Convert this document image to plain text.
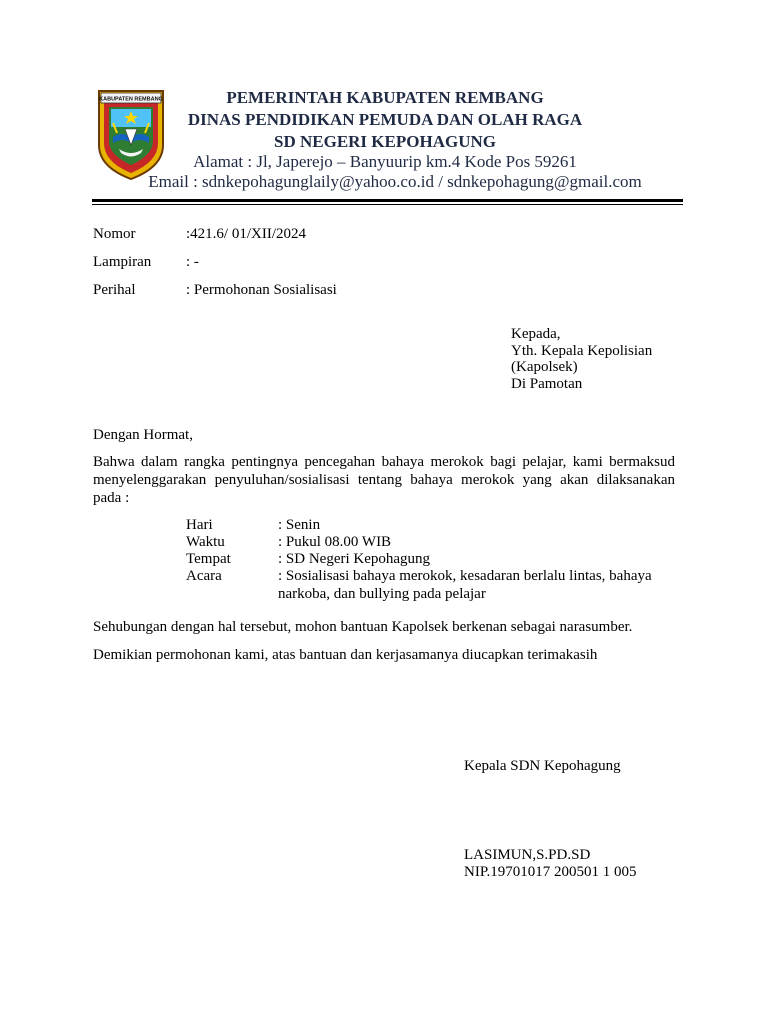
KABUPATEN REMBANG	PEMERINTAH KABUPATEN REMBANG
DINAS PENDIDIKAN PEMUDA DAN OLAH RAGA
SD NEGERI KEPOHAGUNG
Alamat : Jl, Japerejo – Banyuurip km.4 Kode Pos 59261
Email : sdnkepohagunglaily@yahoo.co.id / sdnkepohagung@gmail.com
Nomor	:421.6/ 01/XII/2024
Lampiran : -
Perihal	: Permohonan Sosialisasi
Kepada,
Yth. Kepala Kepolisian
(Kapolsek)
Di Pamotan
Dengan Hormat,
Bahwa dalam rangka pentingnya pencegahan bahaya merokok bagi pelajar, kami bermaksud menyelenggarakan penyuluhan/sosialisasi tentang bahaya merokok yang akan dilaksanakan pada :
Hari	: Senin
Waktu	: Pukul 08.00 WIB
Tempat	: SD Negeri Kepohagung
Acara	: Sosialisasi bahaya merokok, kesadaran berlalu lintas, bahaya narkoba, dan bullying pada pelajar
Sehubungan dengan hal tersebut, mohon bantuan Kapolsek berkenan sebagai narasumber.
Demikian permohonan kami, atas bantuan dan kerjasamanya diucapkan terimakasih
Kepala SDN Kepohagung
LASIMUN,S.PD.SD
NIP.19701017 200501 1 005
